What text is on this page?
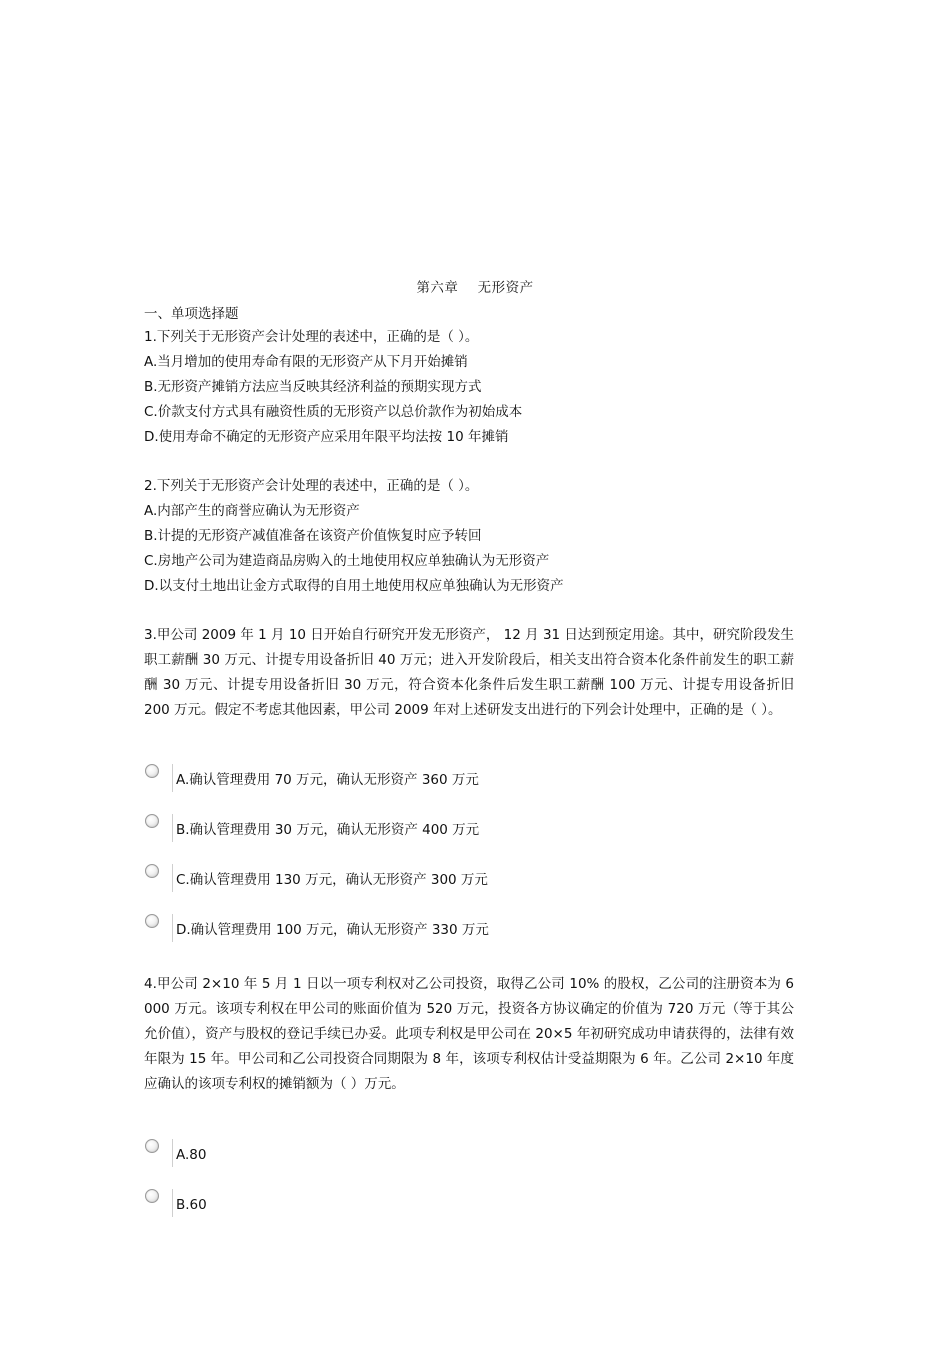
第六章    无形资产
一、单项选择题
1.下列关于无形资产会计处理的表述中，正确的是（ ）。
A.当月增加的使用寿命有限的无形资产从下月开始摊销
B.无形资产摊销方法应当反映其经济利益的预期实现方式
C.价款支付方式具有融资性质的无形资产以总价款作为初始成本
D.使用寿命不确定的无形资产应采用年限平均法按 10 年摊销
2.下列关于无形资产会计处理的表述中，正确的是（ ）。
A.内部产生的商誉应确认为无形资产
B.计提的无形资产减值准备在该资产价值恢复时应予转回
C.房地产公司为建造商品房购入的土地使用权应单独确认为无形资产
D.以支付土地出让金方式取得的自用土地使用权应单独确认为无形资产
3.甲公司 2009 年 1 月 10 日开始自行研究开发无形资产， 12 月 31 日达到预定用途。其中，研究阶段发生职工薪酬 30 万元、计提专用设备折旧 40 万元；进入开发阶段后，相关支出符合资本化条件前发生的职工薪酬 30 万元、计提专用设备折旧 30 万元，符合资本化条件后发生职工薪酬 100 万元、计提专用设备折旧 200 万元。假定不考虑其他因素，甲公司 2009 年对上述研发支出进行的下列会计处理中，正确的是（ ）。
A.确认管理费用 70 万元，确认无形资产 360 万元
B.确认管理费用 30 万元，确认无形资产 400 万元
C.确认管理费用 130 万元，确认无形资产 300 万元
D.确认管理费用 100 万元，确认无形资产 330 万元
4.甲公司 2×10 年 5 月 1 日以一项专利权对乙公司投资，取得乙公司 10% 的股权，乙公司的注册资本为 6 000 万元。该项专利权在甲公司的账面价值为 520 万元，投资各方协议确定的价值为 720 万元（等于其公允价值），资产与股权的登记手续已办妥。此项专利权是甲公司在 20×5 年初研究成功申请获得的，法律有效年限为 15 年。甲公司和乙公司投资合同期限为 8 年，该项专利权估计受益期限为 6 年。乙公司 2×10 年度应确认的该项专利权的摊销额为（ ）万元。
A.80
B.60
